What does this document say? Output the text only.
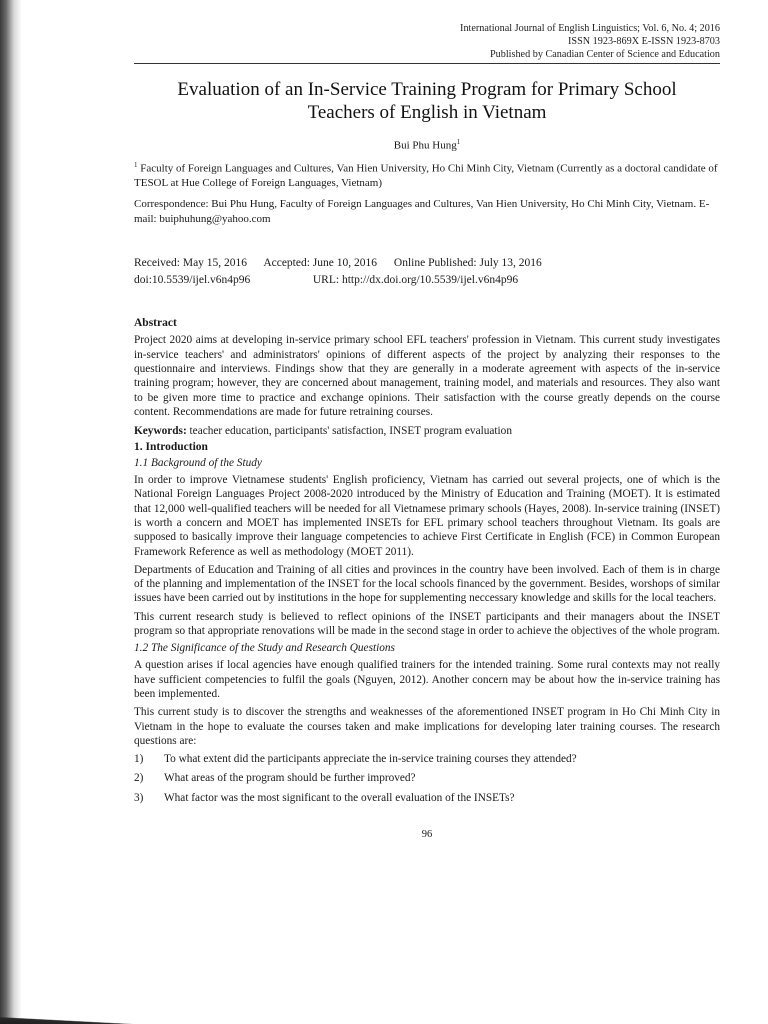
International Journal of English Linguistics; Vol. 6, No. 4; 2016
ISSN 1923-869X E-ISSN 1923-8703
Published by Canadian Center of Science and Education
Evaluation of an In-Service Training Program for Primary School Teachers of English in Vietnam
Bui Phu Hung$^1$

$^1$ Faculty of Foreign Languages and Cultures, Van Hien University, Ho Chi Minh City, Vietnam (Currently as a doctoral candidate of TESOL at Hue College of Foreign Languages, Vietnam)

Correspondence: Bui Phu Hung, Faculty of Foreign Languages and Cultures, Van Hien University, Ho Chi Minh City, Vietnam. E-mail: buiphuhung@yahoo.com

Received: May 15, 2016 Accepted: June 10, 2016 Online Published: July 13, 2016
doi:10.5539/ijel.v6n4p96	URL: http://dx.doi.org/10.5539/ijel.v6n4p96
Abstract

Project 2020 aims at developing in-service primary school EFL teachers' profession in Vietnam. This current study investigates in-service teachers' and administrators' opinions of different aspects of the project by analyzing their responses to the questionnaire and interviews. Findings show that they are generally in a moderate agreement with aspects of the in-service training program; however, they are concerned about management, training model, and materials and resources. They also want to be given more time to practice and exchange opinions. Their satisfaction with the course greatly depends on the course content. Recommendations are made for future retraining courses.

Keywords: teacher education, participants' satisfaction, INSET program evaluation
1. Introduction
1.1 Background of the Study

In order to improve Vietnamese students' English proficiency, Vietnam has carried out several projects, one of which is the National Foreign Languages Project 2008-2020 introduced by the Ministry of Education and Training (MOET). It is estimated that 12,000 well-qualified teachers will be needed for all Vietnamese primary schools (Hayes, 2008). In-service training (INSET) is worth a concern and MOET has implemented INSETs for EFL primary school teachers throughout Vietnam. Its goals are supposed to basically improve their language competencies to achieve First Certificate in English (FCE) in Common European Framework Reference as well as methodology (MOET 2011).

Departments of Education and Training of all cities and provinces in the country have been involved. Each of them is in charge of the planning and implementation of the INSET for the local schools financed by the government. Besides, worshops of similar issues have been carried out by institutions in the hope for supplementing neccessary knowledge and skills for the local teachers.

This current research study is believed to reflect opinions of the INSET participants and their managers about the INSET program so that appropriate renovations will be made in the second stage in order to achieve the objectives of the whole program.

1.2 The Significance of the Study and Research Questions

A question arises if local agencies have enough qualified trainers for the intended training. Some rural contexts may not really have sufficient competencies to fulfil the goals (Nguyen, 2012). Another concern may be about how the in-service training has been implemented.

This current study is to discover the strengths and weaknesses of the aforementioned INSET program in Ho Chi Minh City in Vietnam in the hope to evaluate the courses taken and make implications for developing later training courses. The research questions are:

1)	To what extent did the participants appreciate the in-service training courses they attended?
2)	What areas of the program should be further improved?
3)	What factor was the most significant to the overall evaluation of the INSETs?
96
